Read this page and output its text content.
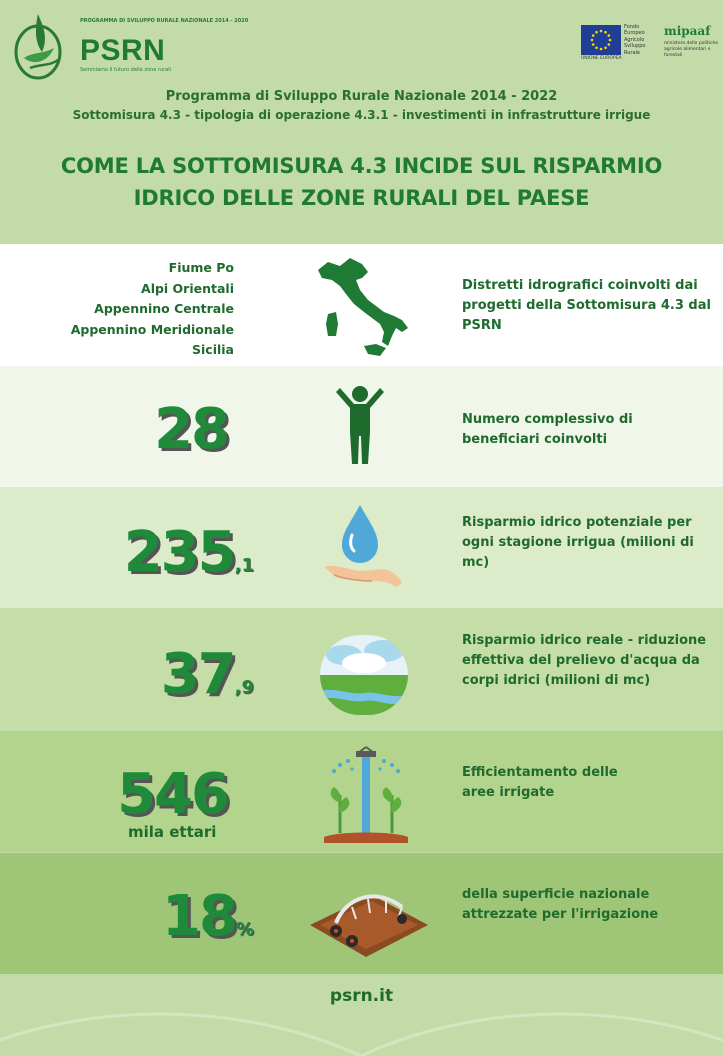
PROGRAMMA DI SVILUPPO RURALE NAZIONALE 2014 - 2020
PSRN
Seminiamo il futuro delle zone rurali
Fondo Europeo Agricolo Sviluppo Rurale
UNIONE EUROPEA
mipaaf
ministero delle politiche agricole alimentari e forestali
Programma di Sviluppo Rurale Nazionale 2014 - 2022
Sottomisura 4.3 - tipologia di operazione 4.3.1 - investimenti in infrastrutture irrigue
COME LA SOTTOMISURA 4.3 INCIDE SUL RISPARMIO
IDRICO DELLE ZONE RURALI DEL PAESE
Fiume Po
Alpi Orientali
Appennino Centrale
Appennino Meridionale
Sicilia
Distretti idrografici coinvolti dai progetti della Sottomisura 4.3 dal PSRN
28	Numero complessivo di beneficiari coinvolti
235,1
Risparmio idrico potenziale per ogni stagione irrigua (milioni di mc)
37,9
Risparmio idrico reale - riduzione effettiva del prelievo d'acqua da corpi idrici (milioni di mc)
546
mila ettari
Efficientamento delle aree irrigate
18%
della superficie nazionale attrezzate per l'irrigazione
psrn.it
